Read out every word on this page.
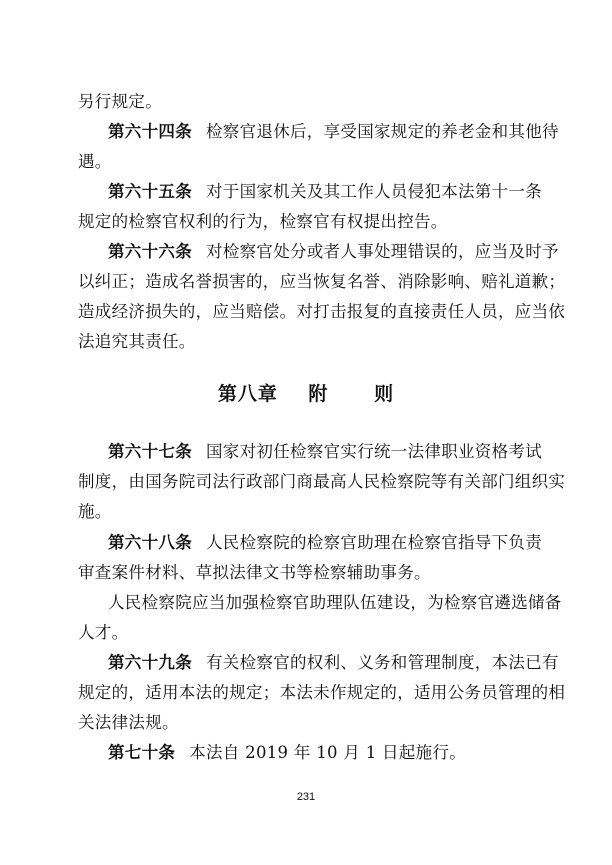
另行规定。
第六十四条 检察官退休后，享受国家规定的养老金和其他待
遇。
第六十五条 对于国家机关及其工作人员侵犯本法第十一条
规定的检察官权利的行为，检察官有权提出控告。
第六十六条 对检察官处分或者人事处理错误的，应当及时予
以纠正；造成名誉损害的，应当恢复名誉、消除影响、赔礼道歉；
造成经济损失的，应当赔偿。对打击报复的直接责任人员，应当依
法追究其责任。
第八章    附      则
第六十七条 国家对初任检察官实行统一法律职业资格考试
制度，由国务院司法行政部门商最高人民检察院等有关部门组织实
施。
第六十八条 人民检察院的检察官助理在检察官指导下负责
审查案件材料、草拟法律文书等检察辅助事务。
人民检察院应当加强检察官助理队伍建设，为检察官遴选储备
人才。
第六十九条 有关检察官的权利、义务和管理制度，本法已有
规定的，适用本法的规定；本法未作规定的，适用公务员管理的相
关法律法规。
第七十条 本法自 2019 年 10 月 1 日起施行。
231
